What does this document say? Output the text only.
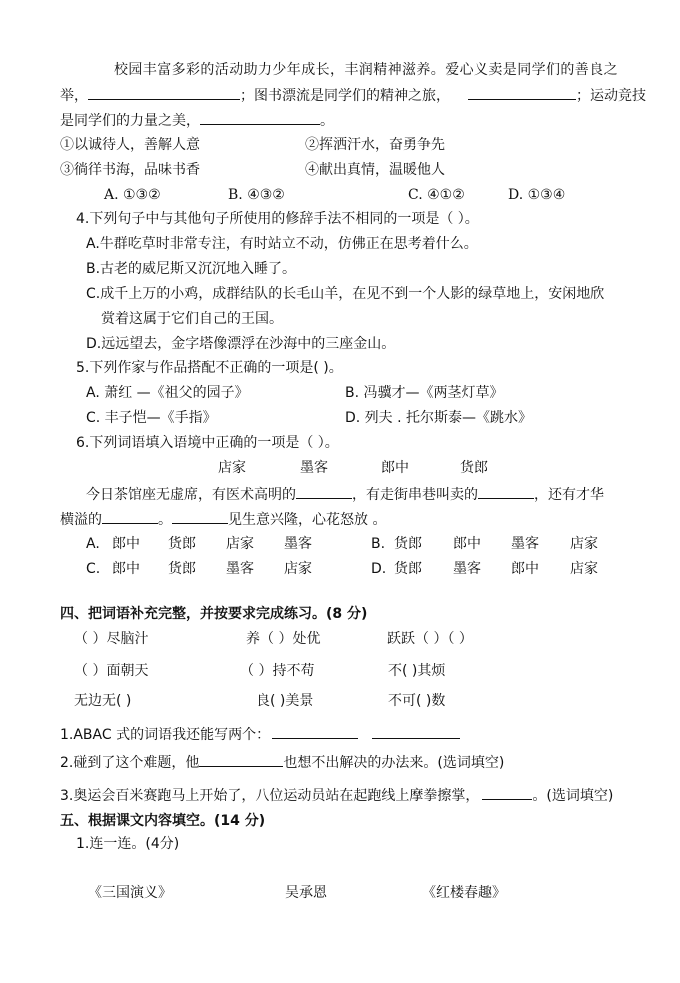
校园丰富多彩的活动助力少年成长，丰润精神滋养。爱心义卖是同学们的善良之
举，	；图书漂流是同学们的精神之旅，	；运动竞技
是同学们的力量之美，	。
①以诚待人，善解人意	②挥洒汗水，奋勇争先
③徜徉书海，品味书香	④献出真情，温暖他人
A. ①③②	B. ④③②	C. ④①②	D. ①③④
4.下列句子中与其他句子所使用的修辞手法不相同的一项是（ ）。
A.牛群吃草时非常专注，有时站立不动，仿佛正在思考着什么。
B.古老的威尼斯又沉沉地入睡了。
C.成千上万的小鸡，成群结队的长毛山羊，在见不到一个人影的绿草地上，安闲地欣
赏着这属于它们自己的王国。
D.远远望去，金字塔像漂浮在沙海中的三座金山。
5.下列作家与作品搭配不正确的一项是( )。
A. 萧红 —《祖父的园子》	B. 冯骥才—《两茎灯草》
C. 丰子恺—《手指》	D. 列夫 . 托尔斯泰—《跳水》
6.下列词语填入语境中正确的一项是（ ）。
店家	墨客	郎中	货郎
今日茶馆座无虚席，有医术高明的	，有走街串巷叫卖的	，还有才华
横溢的	。	见生意兴隆，心花怒放 。
A. 郎中 货郎 店家 墨客	B. 货郎 郎中 墨客 店家
C. 郎中 货郎 墨客 店家	D. 货郎 墨客 郎中 店家
四、把词语补充完整，并按要求完成练习。(8 分)
（ ）尽脑汁	养（ ）处优	跃跃（ ）（ ）
（ ）面朝天	（ ）持不苟	不( )其烦
无边无( )	良( )美景	不可( )数
1.ABAC 式的词语我还能写两个：
2.碰到了这个难题，他	也想不出解决的办法来。(选词填空)
3.奥运会百米赛跑马上开始了，八位运动员站在起跑线上摩拳擦掌，	。(选词填空)
五、根据课文内容填空。(14 分)
1.连一连。(4分)
《三国演义》	吴承恩	《红楼春趣》
